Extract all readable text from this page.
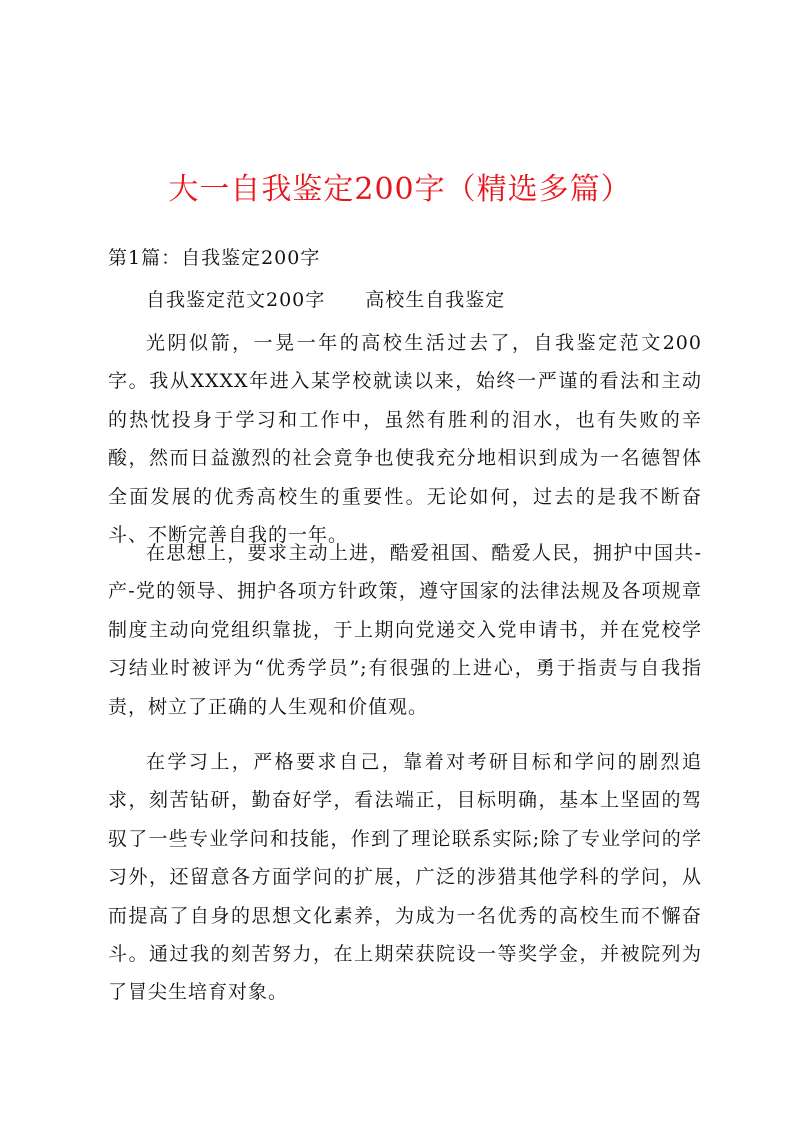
大一自我鉴定200字（精选多篇）
第1篇：自我鉴定200字
自我鉴定范文200字　　高校生自我鉴定

光阴似箭，一晃一年的高校生活过去了，自我鉴定范文200字。我从XXXX年进入某学校就读以来，始终一严谨的看法和主动的热忱投身于学习和工作中，虽然有胜利的泪水，也有失败的辛酸，然而日益激烈的社会竟争也使我充分地相识到成为一名德智体全面发展的优秀高校生的重要性。无论如何，过去的是我不断奋斗、不断完善自我的一年。

在思想上，要求主动上进，酷爱祖国、酷爱人民，拥护中国共-产-党的领导、拥护各项方针政策，遵守国家的法律法规及各项规章制度主动向党组织靠拢，于上期向党递交入党申请书，并在党校学习结业时被评为“优秀学员”;有很强的上进心，勇于指责与自我指责，树立了正确的人生观和价值观。

在学习上，严格要求自己，靠着对考研目标和学问的剧烈追求，刻苦钻研，勤奋好学，看法端正，目标明确，基本上坚固的驾驭了一些专业学问和技能，作到了理论联系实际;除了专业学问的学习外，还留意各方面学问的扩展，广泛的涉猎其他学科的学问，从而提高了自身的思想文化素养，为成为一名优秀的高校生而不懈奋斗。通过我的刻苦努力，在上期荣获院设一等奖学金，并被院列为了冒尖生培育对象。
